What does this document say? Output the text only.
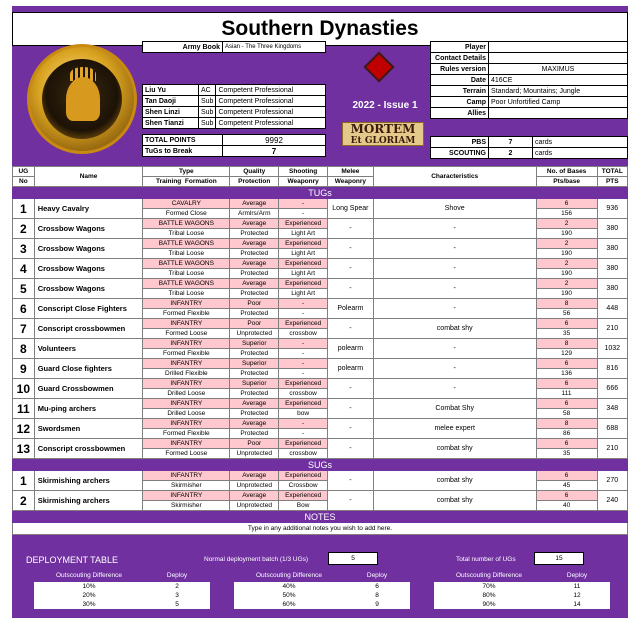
Southern Dynasties
Army Book	Asian - The Three Kingdoms
Liu Yu	AC	Competent Professional
Tan Daoji	Sub	Competent Professional
Shen Linzi	Sub	Competent Professional
Shen Tianzi	Sub	Competent Professional
2022 - Issue 1
MORTEM
Et GLORIAM
TOTAL POINTS	9992
TuGs to Break	7
Player	
Contact Details	
Rules version	MAXIMUS
Date	416CE
Terrain	Standard; Mountains; Jungle
Camp	Poor Unfortified Camp
Allies	
PBS	7	cards
SCOUTING	2	cards
UG	Name	Type	Quality	Shooting	Melee	Characteristics	No. of Bases	TOTAL
No		Training Formation	Protection	Weaponry	Weaponry		Pts/base	PTS
TUGs								
1	Heavy Cavalry	CAVALRY	Average	-	Long Spear	Shove	6	936
		Formed Close	Armlrs/Arm	-			156	
2	Crossbow Wagons	BATTLE WAGONS	Average	Experienced	-	-	2	380
		Tribal Loose	Protected	Light Art			190	
3	Crossbow Wagons	BATTLE WAGONS	Average	Experienced	-	-	2	380
		Tribal Loose	Protected	Light Art			190	
4	Crossbow Wagons	BATTLE WAGONS	Average	Experienced	-	-	2	380
		Tribal Loose	Protected	Light Art			190	
5	Crossbow Wagons	BATTLE WAGONS	Average	Experienced	-	-	2	380
		Tribal Loose	Protected	Light Art			190	
6	Conscript Close Fighters	INFANTRY	Poor	-	Polearm	-	8	448
		Formed Flexible	Protected	-			56	
7	Conscript crossbowmen	INFANTRY	Poor	Experienced	-	combat shy	6	210
		Formed Loose	Unprotected	crossbow			35	
8	Volunteers	INFANTRY	Superior	-	polearm	-	8	1032
		Formed Flexible	Protected	-			129	
9	Guard Close fighters	INFANTRY	Superior	-	polearm	-	6	816
		Drilled Flexible	Protected	-			136	
10	Guard Crossbowmen	INFANTRY	Superior	Experienced	-	-	6	666
		Drilled Loose	Protected	crossbow			111	
11	Mu-ping archers	INFANTRY	Average	Experienced	-	Combat Shy	6	348
		Drilled Loose	Protected	bow			58	
12	Swordsmen	INFANTRY	Average	-	-	melee expert	8	688
		Formed Flexible	Protected	-			86	
13	Conscript crossbowmen	INFANTRY	Poor	Experienced	-	combat shy	6	210
		Formed Loose	Unprotected	crossbow			35	
SUGs								
1	Skirmishing archers	INFANTRY	Average	Experienced	-	combat shy	6	270
		Skirmisher	Unprotected	Crossbow			45	
2	Skirmishing archers	INFANTRY	Average	Experienced	-	combat shy	6	240
		Skirmisher	Unprotected	Bow			40	
NOTES								
Type in any additional notes you wish to add here.								
DEPLOYMENT TABLE	Normal deployment batch (1/3 UGs)	5	Total number of UGs	15
Outscouting Difference	Deploy
10%	2
20%	3
30%	5
Outscouting Difference	Deploy
40%	6
50%	8
60%	9
Outscouting Difference	Deploy
70%	11
80%	12
90%	14
